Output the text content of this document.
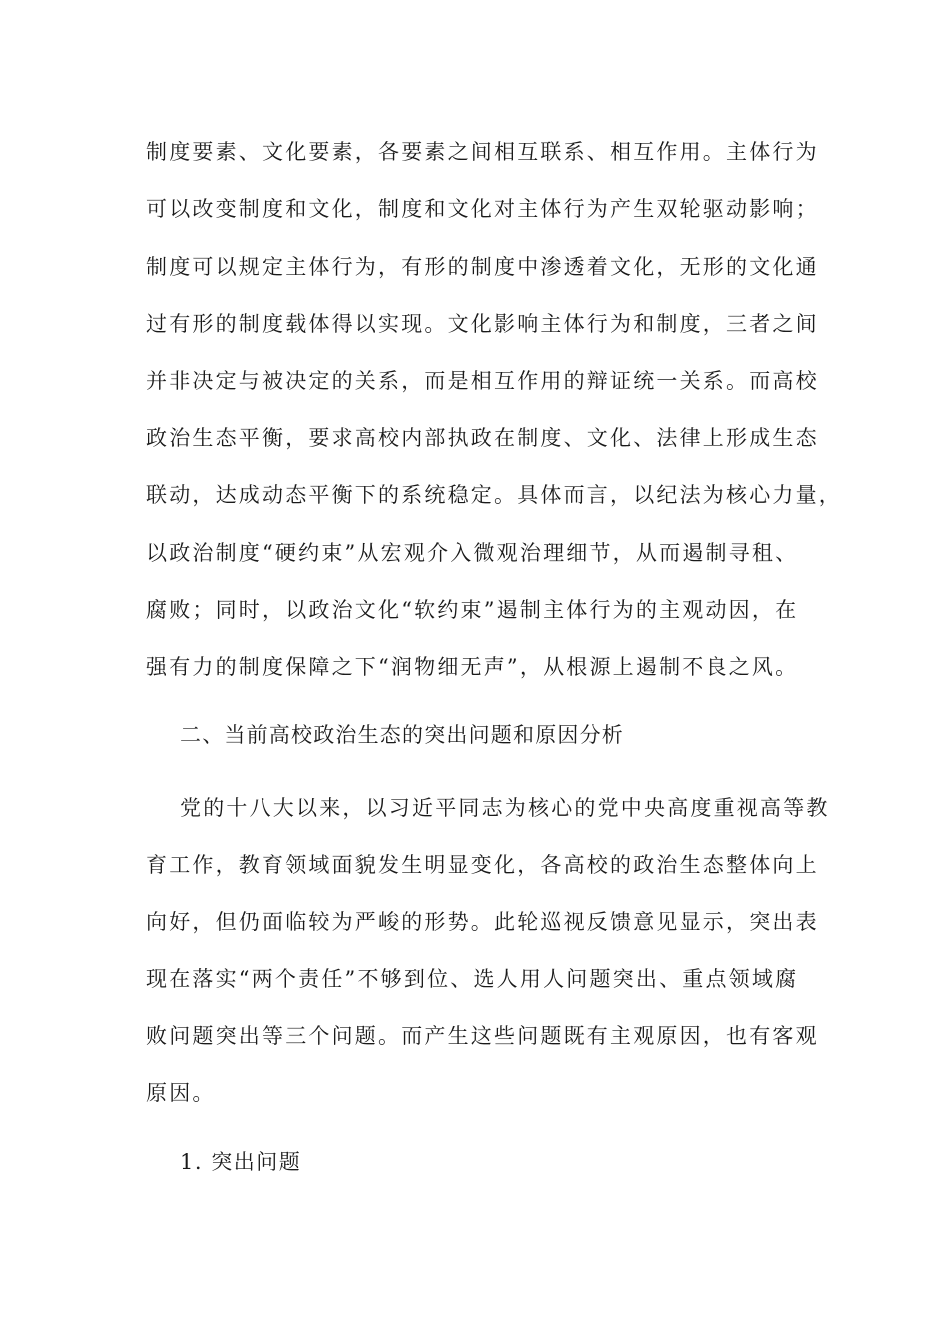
制度要素、文化要素，各要素之间相互联系、相互作用。主体行为
可以改变制度和文化，制度和文化对主体行为产生双轮驱动影响；
制度可以规定主体行为，有形的制度中渗透着文化，无形的文化通
过有形的制度载体得以实现。文化影响主体行为和制度，三者之间
并非决定与被决定的关系，而是相互作用的辩证统一关系。而高校
政治生态平衡，要求高校内部执政在制度、文化、法律上形成生态
联动，达成动态平衡下的系统稳定。具体而言，以纪法为核心力量，
以政治制度“硬约束”从宏观介入微观治理细节，从而遏制寻租、
腐败；同时，以政治文化“软约束”遏制主体行为的主观动因，在
强有力的制度保障之下“润物细无声”，从根源上遏制不良之风。
二、当前高校政治生态的突出问题和原因分析
党的十八大以来，以习近平同志为核心的党中央高度重视高等教
育工作，教育领域面貌发生明显变化，各高校的政治生态整体向上
向好，但仍面临较为严峻的形势。此轮巡视反馈意见显示，突出表
现在落实“两个责任”不够到位、选人用人问题突出、重点领域腐
败问题突出等三个问题。而产生这些问题既有主观原因，也有客观
原因。
1. 突出问题
